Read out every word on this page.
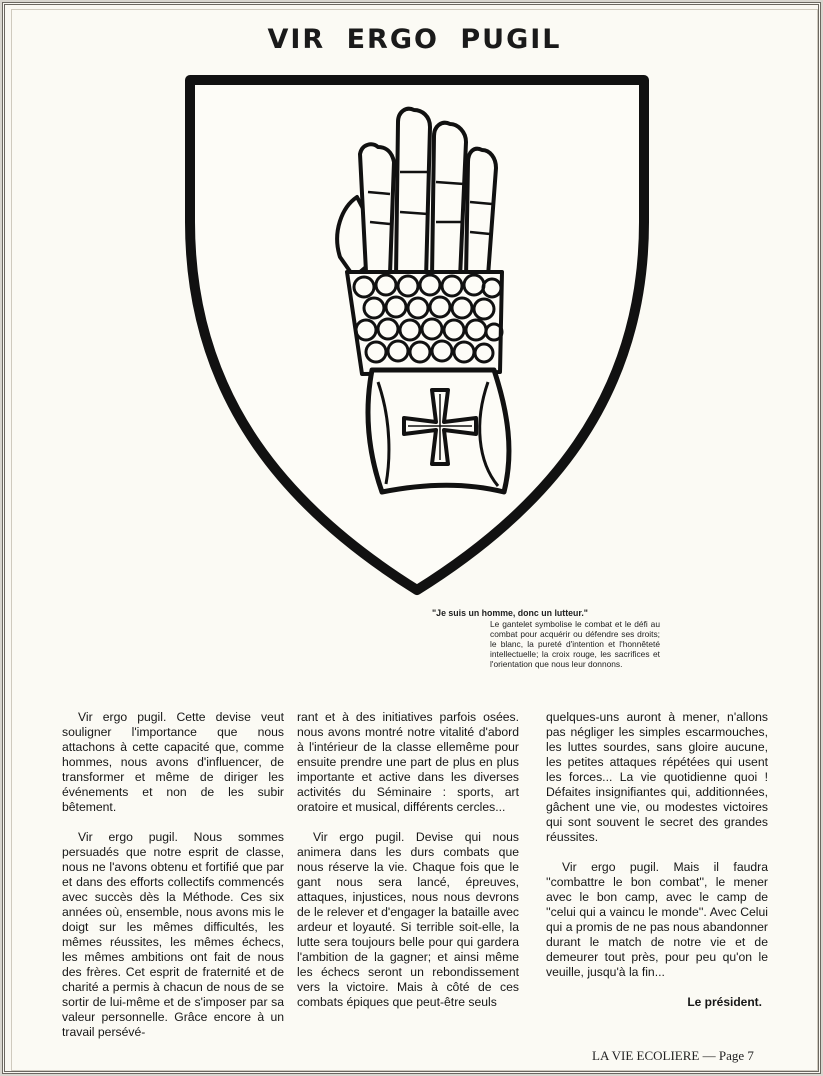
VIR ERGO PUGIL
"Je suis un homme, donc un lutteur."
Le gantelet symbolise le combat et le défi au combat pour acquérir ou défendre ses droits; le blanc, la pureté d'intention et l'honnêteté intellectuelle; la croix rouge, les sacrifices et l'orientation que nous leur donnons.

Vir ergo pugil. Cette devise veut souligner l'importance que nous attachons à cette capacité que, comme hommes, nous avons d'influencer, de transformer et même de diriger les événements et non de les subir bêtement.

Vir ergo pugil. Nous sommes persuadés que notre esprit de classe, nous ne l'avons obtenu et fortifié que par et dans des efforts collectifs commencés avec succès dès la Méthode. Ces six années où, ensemble, nous avons mis le doigt sur les mêmes difficultés, les mêmes réussites, les mêmes échecs, les mêmes ambitions ont fait de nous des frères. Cet esprit de fraternité et de charité a permis à chacun de nous de se sortir de lui-même et de s'imposer par sa valeur personnelle. Grâce encore à un travail persévé-

rant et à des initiatives parfois osées. nous avons montré notre vitalité d'abord à l'intérieur de la classe ellemême pour ensuite prendre une part de plus en plus importante et active dans les diverses activités du Séminaire : sports, art oratoire et musical, différents cercles...

Vir ergo pugil. Devise qui nous animera dans les durs combats que nous réserve la vie. Chaque fois que le gant nous sera lancé, épreuves, attaques, injustices, nous nous devrons de le relever et d'engager la bataille avec ardeur et loyauté. Si terrible soit-elle, la lutte sera toujours belle pour qui gardera l'ambition de la gagner; et ainsi même les échecs seront un rebondissement vers la victoire. Mais à côté de ces combats épiques que peut-être seuls

quelques-uns auront à mener, n'allons pas négliger les simples escarmouches, les luttes sourdes, sans gloire aucune, les petites attaques répétées qui usent les forces... La vie quotidienne quoi ! Défaites insignifiantes qui, additionnées, gâchent une vie, ou modestes victoires qui sont souvent le secret des grandes réussites.

Vir ergo pugil. Mais il faudra ''combattre le bon combat'', le mener avec le bon camp, avec le camp de ''celui qui a vaincu le monde''. Avec Celui qui a promis de ne pas nous abandonner durant le match de notre vie et de demeurer tout près, pour peu qu'on le veuille, jusqu'à la fin...

Le président.
LA VIE ECOLIERE — Page 7
